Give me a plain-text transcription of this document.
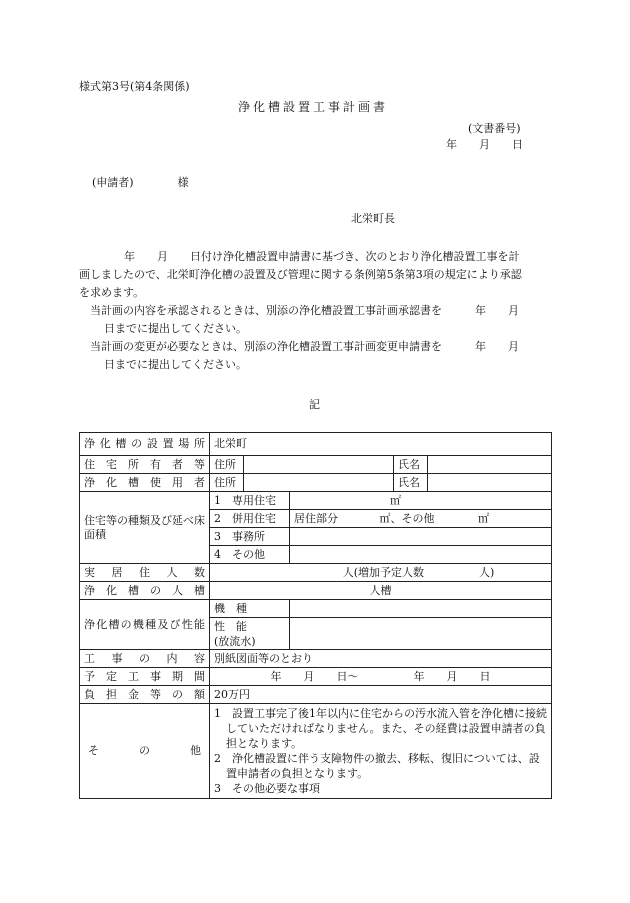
様式第3号(第4条関係)
浄化槽設置工事計画書
(文書番号)
年　　月　　日
(申請者)　　　　様
北栄町長
年　　月　　日付け浄化槽設置申請書に基づき、次のとおり浄化槽設置工事を計
画しましたので、北栄町浄化槽の設置及び管理に関する条例第5条第3項の規定により承認
を求めます。
当計画の内容を承認されるときは、別添の浄化槽設置工事計画承認書を　　　年　　月
日までに提出してください。
当計画の変更が必要なときは、別添の浄化槽設置工事計画変更申請書を　　　年　　月
日までに提出してください。
記
浄化槽の設置場所	北栄町				
住宅所有者等	住所			氏名	
浄化槽使用者	住所			氏名	
住宅等の種類及び延べ床面積	1　専用住宅		㎡		
	2　併用住宅		居住部分 ㎡、その他 ㎡		
	3　事務所				
	4　その他				
実居住人数	人(増加予定人数　　　　　人)				
浄化槽の人槽	人槽				
浄化槽の機種及び性能	機　種				

	性　能
(放流水)				

工事の内容	別紙図面等のとおり				
予定工事期間	年　　月　　日～　　　　　年　　月　　日				
負担金等の額	20万円				
その他	1　設置工事完了後1年以内に住宅からの汚水流入管を浄化槽に接続していただければなりません。また、その経費は設置申請者の負担となります。
2　浄化槽設置に伴う支障物件の撤去、移転、復旧については、設置申請者の負担となります。
3　その他必要な事項				
